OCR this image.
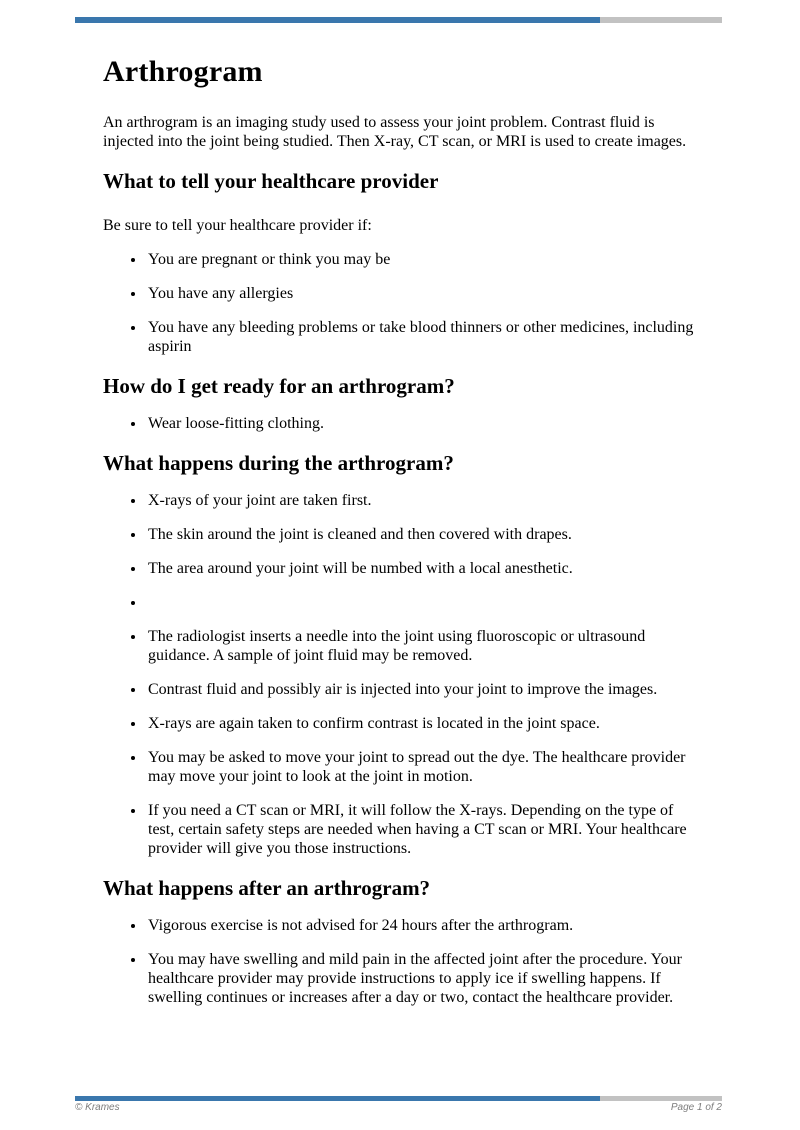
Arthrogram

An arthrogram is an imaging study used to assess your joint problem. Contrast fluid is injected into the joint being studied. Then X-ray, CT scan, or MRI is used to create images.

What to tell your healthcare provider

Be sure to tell your healthcare provider if:

• You are pregnant or think you may be
• You have any allergies
• You have any bleeding problems or take blood thinners or other medicines, including aspirin
How do I get ready for an arthrogram?
• Wear loose-fitting clothing.
What happens during the arthrogram?
• X-rays of your joint are taken first.
• The skin around the joint is cleaned and then covered with drapes.
• The area around your joint will be numbed with a local anesthetic.
•
• The radiologist inserts a needle into the joint using fluoroscopic or ultrasound guidance. A sample of joint fluid may be removed.
• Contrast fluid and possibly air is injected into your joint to improve the images.
• X-rays are again taken to confirm contrast is located in the joint space.
• You may be asked to move your joint to spread out the dye. The healthcare provider may move your joint to look at the joint in motion.
• If you need a CT scan or MRI, it will follow the X-rays. Depending on the type of test, certain safety steps are needed when having a CT scan or MRI. Your healthcare provider will give you those instructions.
What happens after an arthrogram?
• Vigorous exercise is not advised for 24 hours after the arthrogram.
• You may have swelling and mild pain in the affected joint after the procedure. Your healthcare provider may provide instructions to apply ice if swelling happens. If swelling continues or increases after a day or two, contact the healthcare provider.
© Krames	Page 1 of 2
